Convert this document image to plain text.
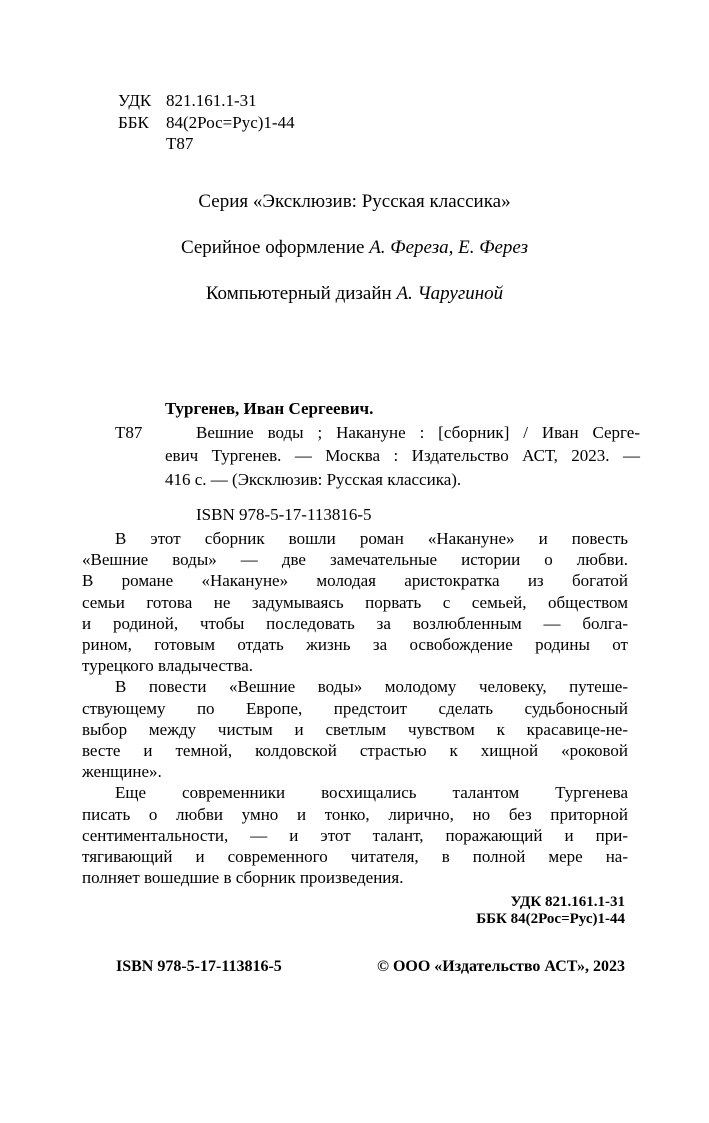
УДК 821.161.1-31
ББК	84(2Рос=Рус)1-44
Т87
Серия «Эксклюзив: Русская классика»
Серийное оформление А. Фереза, Е. Ферез
Компьютерный дизайн А. Чаругиной
Тургенев, Иван Сергеевич.
Т87	Вешние воды ; Накануне : [сборник] / Иван Серге-
евич Тургенев. — Москва : Издательство АСТ, 2023. —
416 с. — (Эксклюзив: Русская классика).
ISBN 978-5-17-113816-5
В этот сборник вошли роман «Накануне» и повесть
«Вешние воды» — две замечательные истории о любви.
В романе «Накануне» молодая аристократка из богатой
семьи готова не задумываясь порвать с семьей, обществом
и родиной, чтобы последовать за возлюбленным — болга-
рином, готовым отдать жизнь за освобождение родины от
турецкого владычества.
В повести «Вешние воды» молодому человеку, путеше-
ствующему по Европе, предстоит сделать судьбоносный
выбор между чистым и светлым чувством к красавице-не-
весте и темной, колдовской страстью к хищной «роковой
женщине».
Еще современники восхищались талантом Тургенева
писать о любви умно и тонко, лирично, но без приторной
сентиментальности, — и этот талант, поражающий и при-
тягивающий и современного читателя, в полной мере на-
полняет вошедшие в сборник произведения.
УДК 821.161.1-31
ББК 84(2Рос=Рус)1-44
ISBN 978-5-17-113816-5	© ООО «Издательство АСТ», 2023
